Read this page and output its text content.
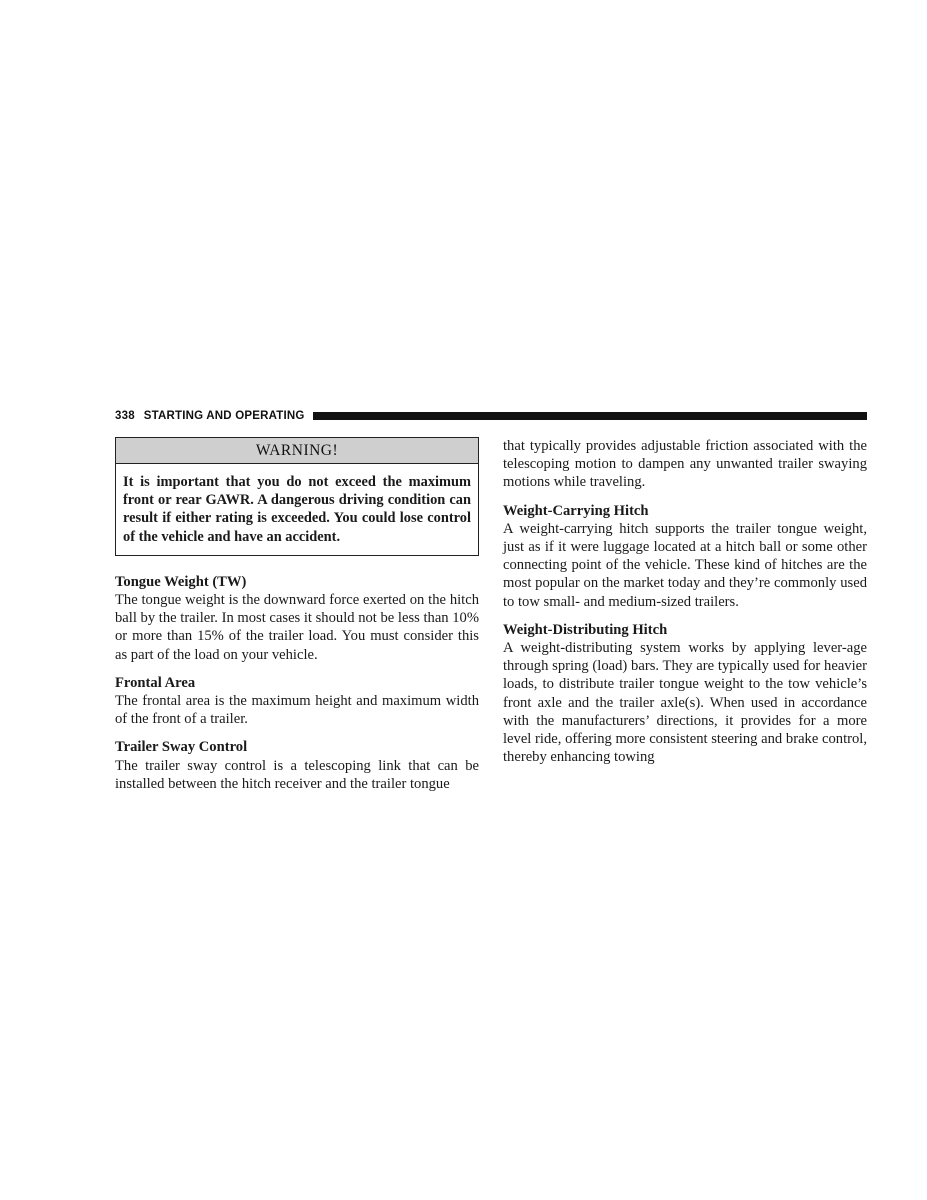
338 STARTING AND OPERATING
WARNING!
It is important that you do not exceed the maximum front or rear GAWR. A dangerous driving condition can result if either rating is exceeded. You could lose control of the vehicle and have an accident.

Tongue Weight (TW)

The tongue weight is the downward force exerted on the hitch ball by the trailer. In most cases it should not be less than 10% or more than 15% of the trailer load. You must consider this as part of the load on your vehicle.

Frontal Area

The frontal area is the maximum height and maximum width of the front of a trailer.

Trailer Sway Control

The trailer sway control is a telescoping link that can be installed between the hitch receiver and the trailer tongue

that typically provides adjustable friction associated with the telescoping motion to dampen any unwanted trailer swaying motions while traveling.

Weight-Carrying Hitch

A weight-carrying hitch supports the trailer tongue weight, just as if it were luggage located at a hitch ball or some other connecting point of the vehicle. These kind of hitches are the most popular on the market today and they’re commonly used to tow small- and medium-sized trailers.

Weight-Distributing Hitch

A weight-distributing system works by applying lever-age through spring (load) bars. They are typically used for heavier loads, to distribute trailer tongue weight to the tow vehicle’s front axle and the trailer axle(s). When used in accordance with the manufacturers’ directions, it provides for a more level ride, offering more consistent steering and brake control, thereby enhancing towing
